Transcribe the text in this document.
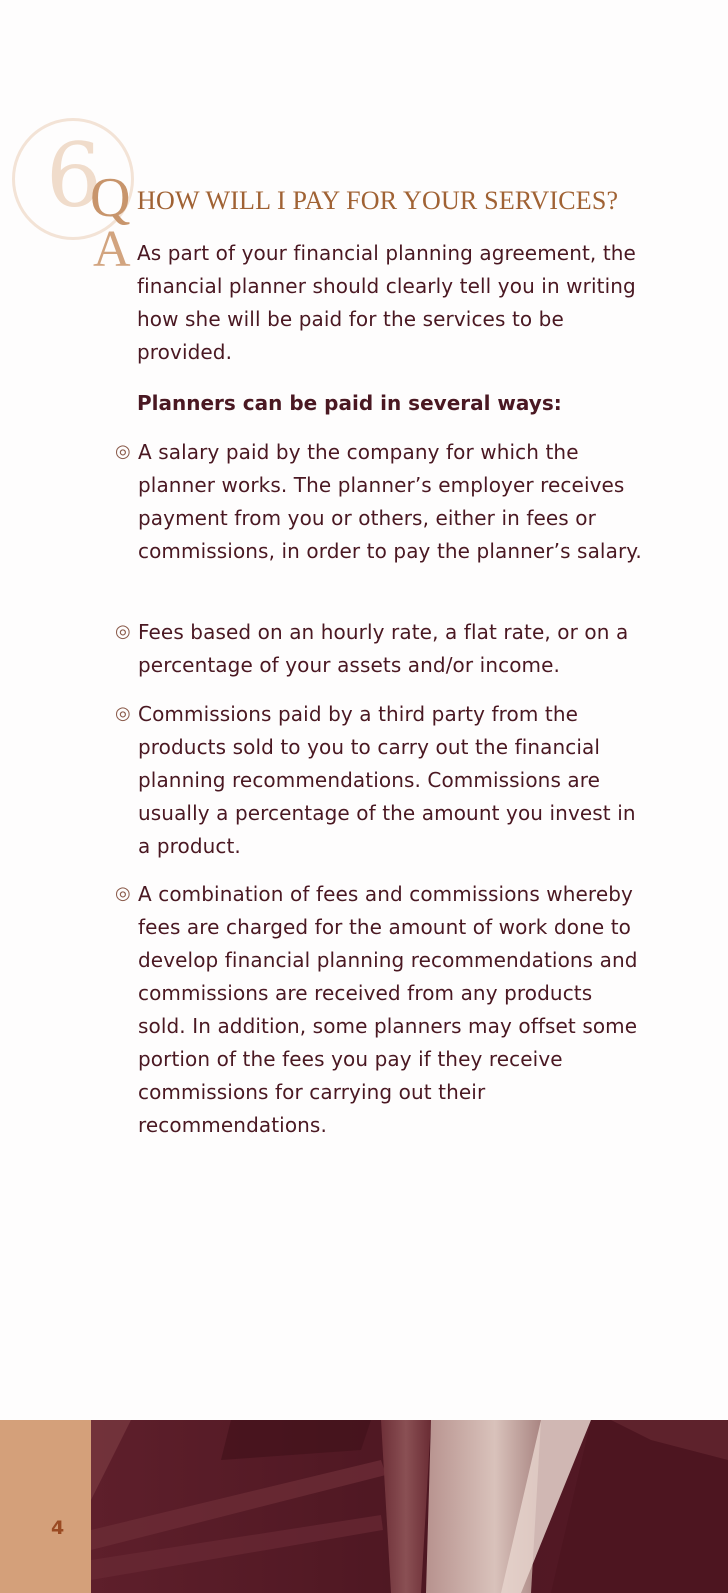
6
Q
A
HOW WILL I PAY FOR YOUR SERVICES?

As part of your financial planning agreement, the financial planner should clearly tell you in writing how she will be paid for the services to be provided.

Planners can be paid in several ways:

◎ A salary paid by the company for which the planner works. The planner’s employer receives payment from you or others, either in fees or commissions, in order to pay the planner’s salary.

◎ Fees based on an hourly rate, a flat rate, or on a percentage of your assets and/or income.

◎ Commissions paid by a third party from the products sold to you to carry out the financial planning recommendations. Commissions are usually a percentage of the amount you invest in a product.

◎ A combination of fees and commissions whereby fees are charged for the amount of work done to develop financial planning recommendations and commissions are received from any products sold. In addition, some planners may offset some portion of the fees you pay if they receive commissions for carrying out their recommendations.

4
